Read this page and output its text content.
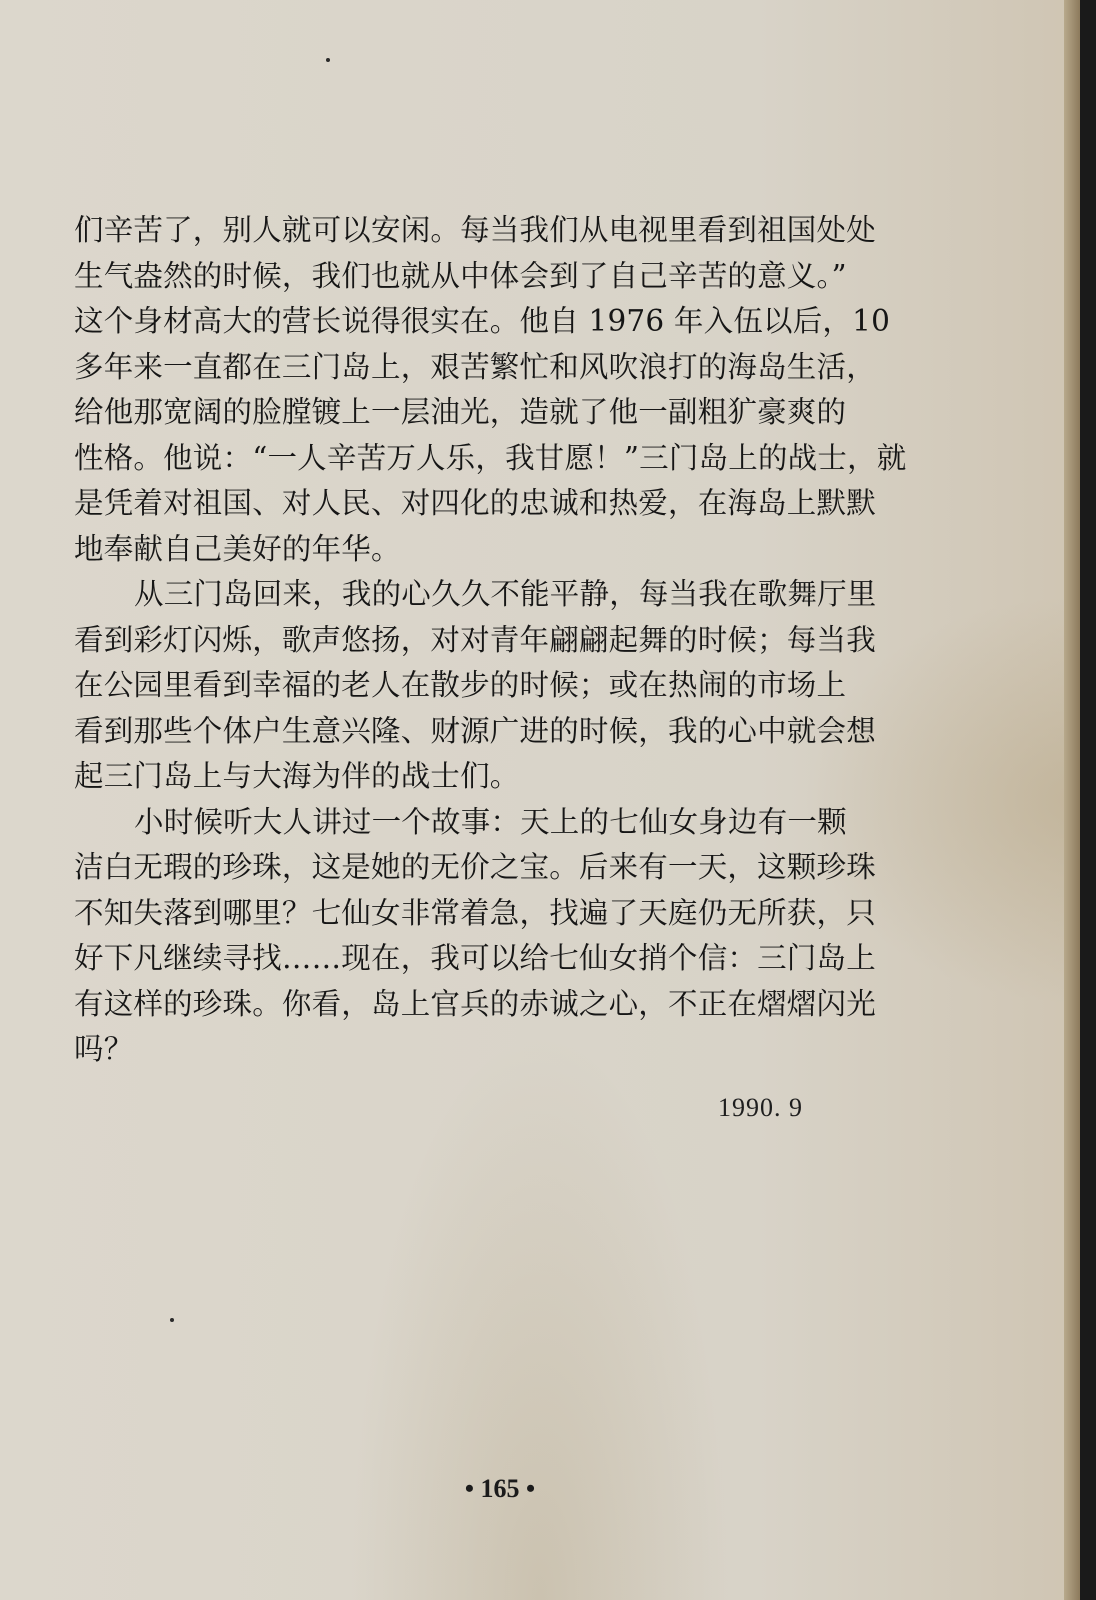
们辛苦了，别人就可以安闲。每当我们从电视里看到祖国处处
生气盎然的时候，我们也就从中体会到了自己辛苦的意义。”
这个身材高大的营长说得很实在。他自 1976 年入伍以后，10
多年来一直都在三门岛上，艰苦繁忙和风吹浪打的海岛生活，
给他那宽阔的脸膛镀上一层油光，造就了他一副粗犷豪爽的
性格。他说：“一人辛苦万人乐，我甘愿！”三门岛上的战士，就
是凭着对祖国、对人民、对四化的忠诚和热爱，在海岛上默默
地奉献自己美好的年华。
从三门岛回来，我的心久久不能平静，每当我在歌舞厅里
看到彩灯闪烁，歌声悠扬，对对青年翩翩起舞的时候；每当我
在公园里看到幸福的老人在散步的时候；或在热闹的市场上
看到那些个体户生意兴隆、财源广进的时候，我的心中就会想
起三门岛上与大海为伴的战士们。
小时候听大人讲过一个故事：天上的七仙女身边有一颗
洁白无瑕的珍珠，这是她的无价之宝。后来有一天，这颗珍珠
不知失落到哪里？七仙女非常着急，找遍了天庭仍无所获，只
好下凡继续寻找……现在，我可以给七仙女捎个信：三门岛上
有这样的珍珠。你看，岛上官兵的赤诚之心，不正在熠熠闪光
吗？
1990. 9
• 165 •
